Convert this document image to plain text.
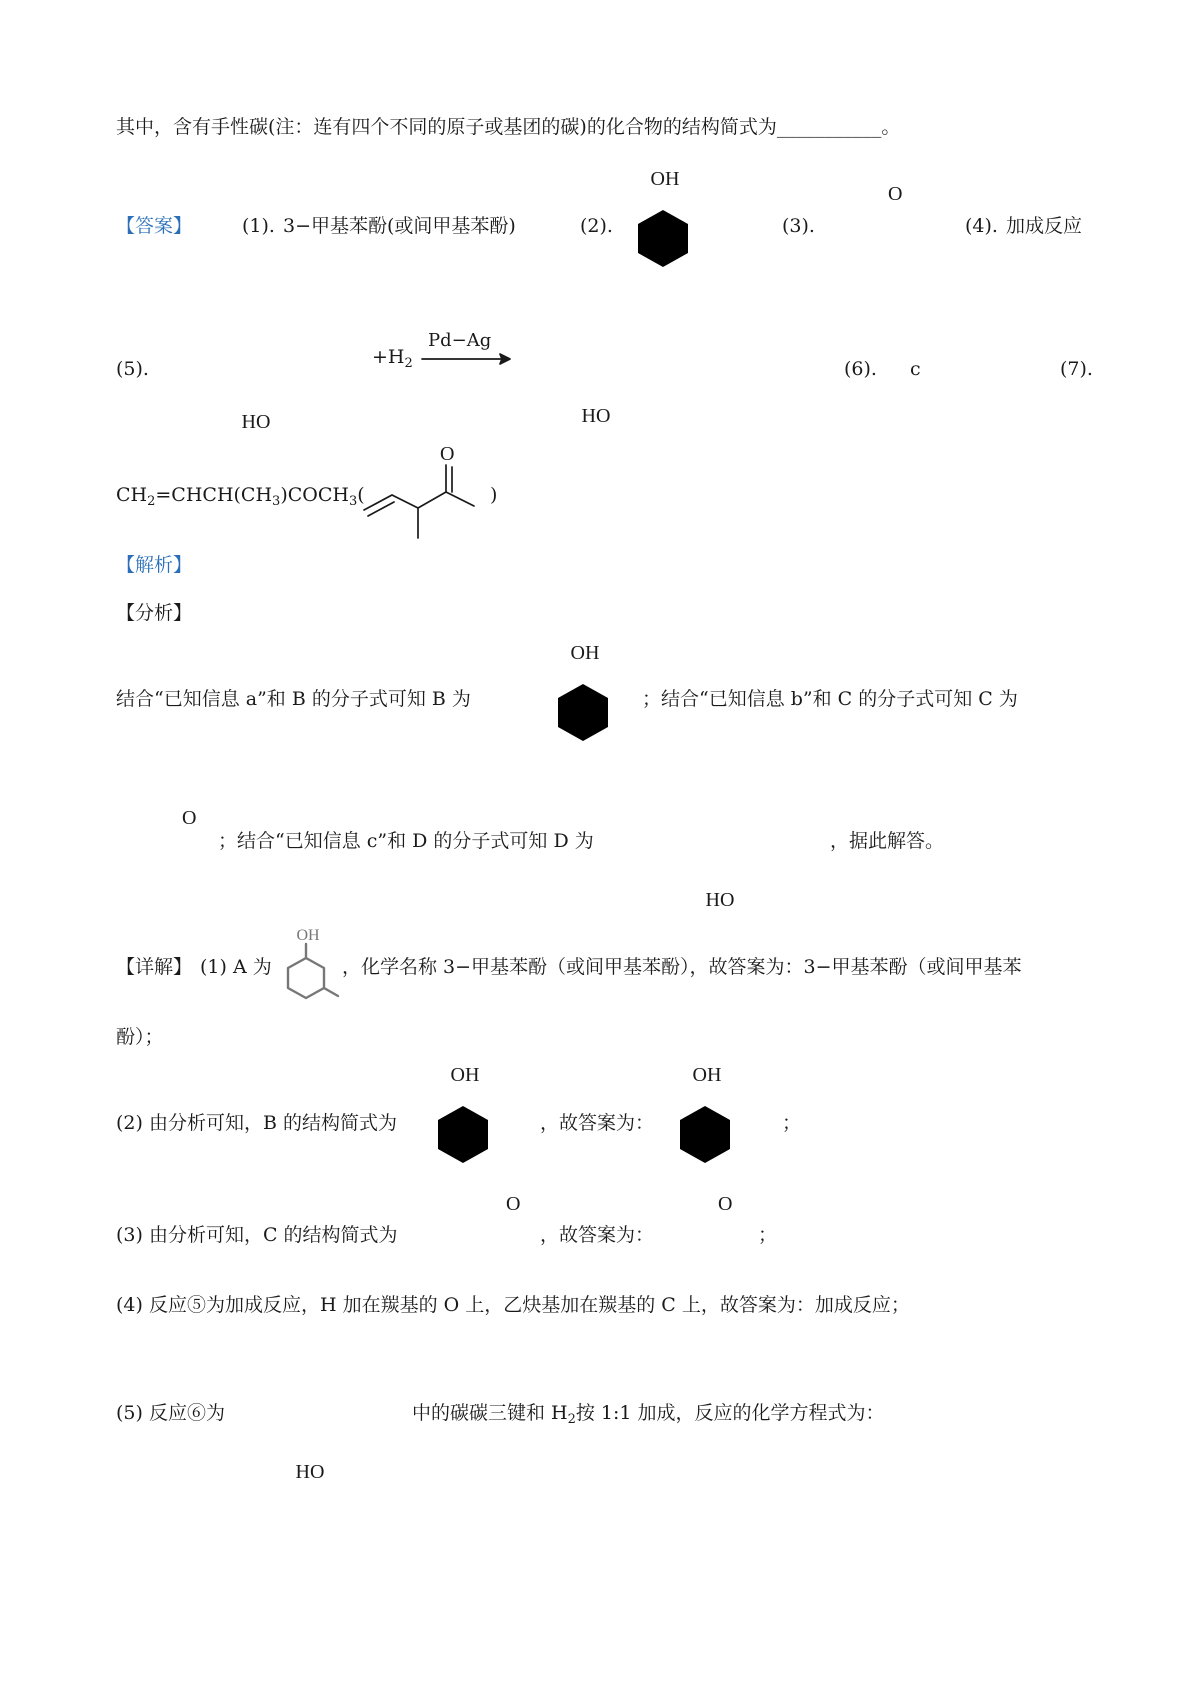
其中，含有手性碳(注：连有四个不同的原子或基团的碳)的化合物的结构简式为___________。
【答案】	(1). 3−甲基苯酚(或间甲基苯酚)	(2).
OH
(3).
O
(4). 加成反应
(5).
HO
$+H_2$
Pd−Ag
HO
(6). c	(7).
$CH_2=CHCH(CH_3)COCH_3$(
O
)
【解析】
【分析】
结合“已知信息 a”和 B 的分子式可知 B 为
OH
；结合“已知信息 b”和 C 的分子式可知 C 为
O
；结合“已知信息 c”和 D 的分子式可知 D 为
HO
，据此解答。
【详解】 (1) A 为
OH
，化学名称 3−甲基苯酚（或间甲基苯酚），故答案为：3−甲基苯酚（或间甲基苯
酚）；
(2) 由分析可知，B 的结构简式为
OH
，故答案为：
OH
；
(3) 由分析可知，C 的结构简式为
O
，故答案为：
O
；
(4) 反应⑤为加成反应，H 加在羰基的 O 上，乙炔基加在羰基的 C 上，故答案为：加成反应；
(5) 反应⑥为
HO
中的碳碳三键和 $H_2$按 1:1 加成，反应的化学方程式为：
